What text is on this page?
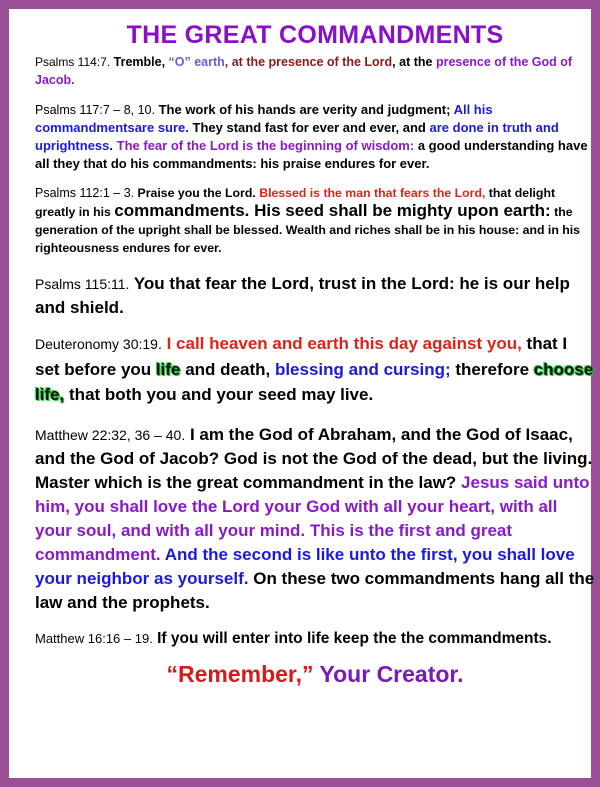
THE GREAT COMMANDMENTS

Psalms 114:7. Tremble, “O” earth, at the presence of the Lord, at the presence of the God of Jacob.

Psalms 117:7 – 8, 10. The work of his hands are verity and judgment; All his commandmentsare sure. They stand fast for ever and ever, and are done in truth and uprightness. The fear of the Lord is the beginning of wisdom: a good understanding have all they that do his commandments: his praise endures for ever.

Psalms 112:1 – 3. Praise you the Lord. Blessed is the man that fears the Lord, that delight greatly in his commandments. His seed shall be mighty upon earth: the generation of the upright shall be blessed. Wealth and riches shall be in his house: and in his righteousness endures for ever.

Psalms 115:11. You that fear the Lord, trust in the Lord: he is our help and shield.

Deuteronomy 30:19. I call heaven and earth this day against you, that I set before you life and death, blessing and cursing; therefore choose life, that both you and your seed may live.

Matthew 22:32, 36 – 40. I am the God of Abraham, and the God of Isaac, and the God of Jacob? God is not the God of the dead, but the living.
Master which is the great commandment in the law? Jesus said unto him, you shall love the Lord your God with all your heart, with all your soul, and with all your mind. This is the first and great commandment. And the second is like unto the first, you shall love your neighbor as yourself. On these two commandments hang all the law and the prophets.

Matthew 16:16 – 19. If you will enter into life keep the the commandments.

“Remember,” Your Creator.
